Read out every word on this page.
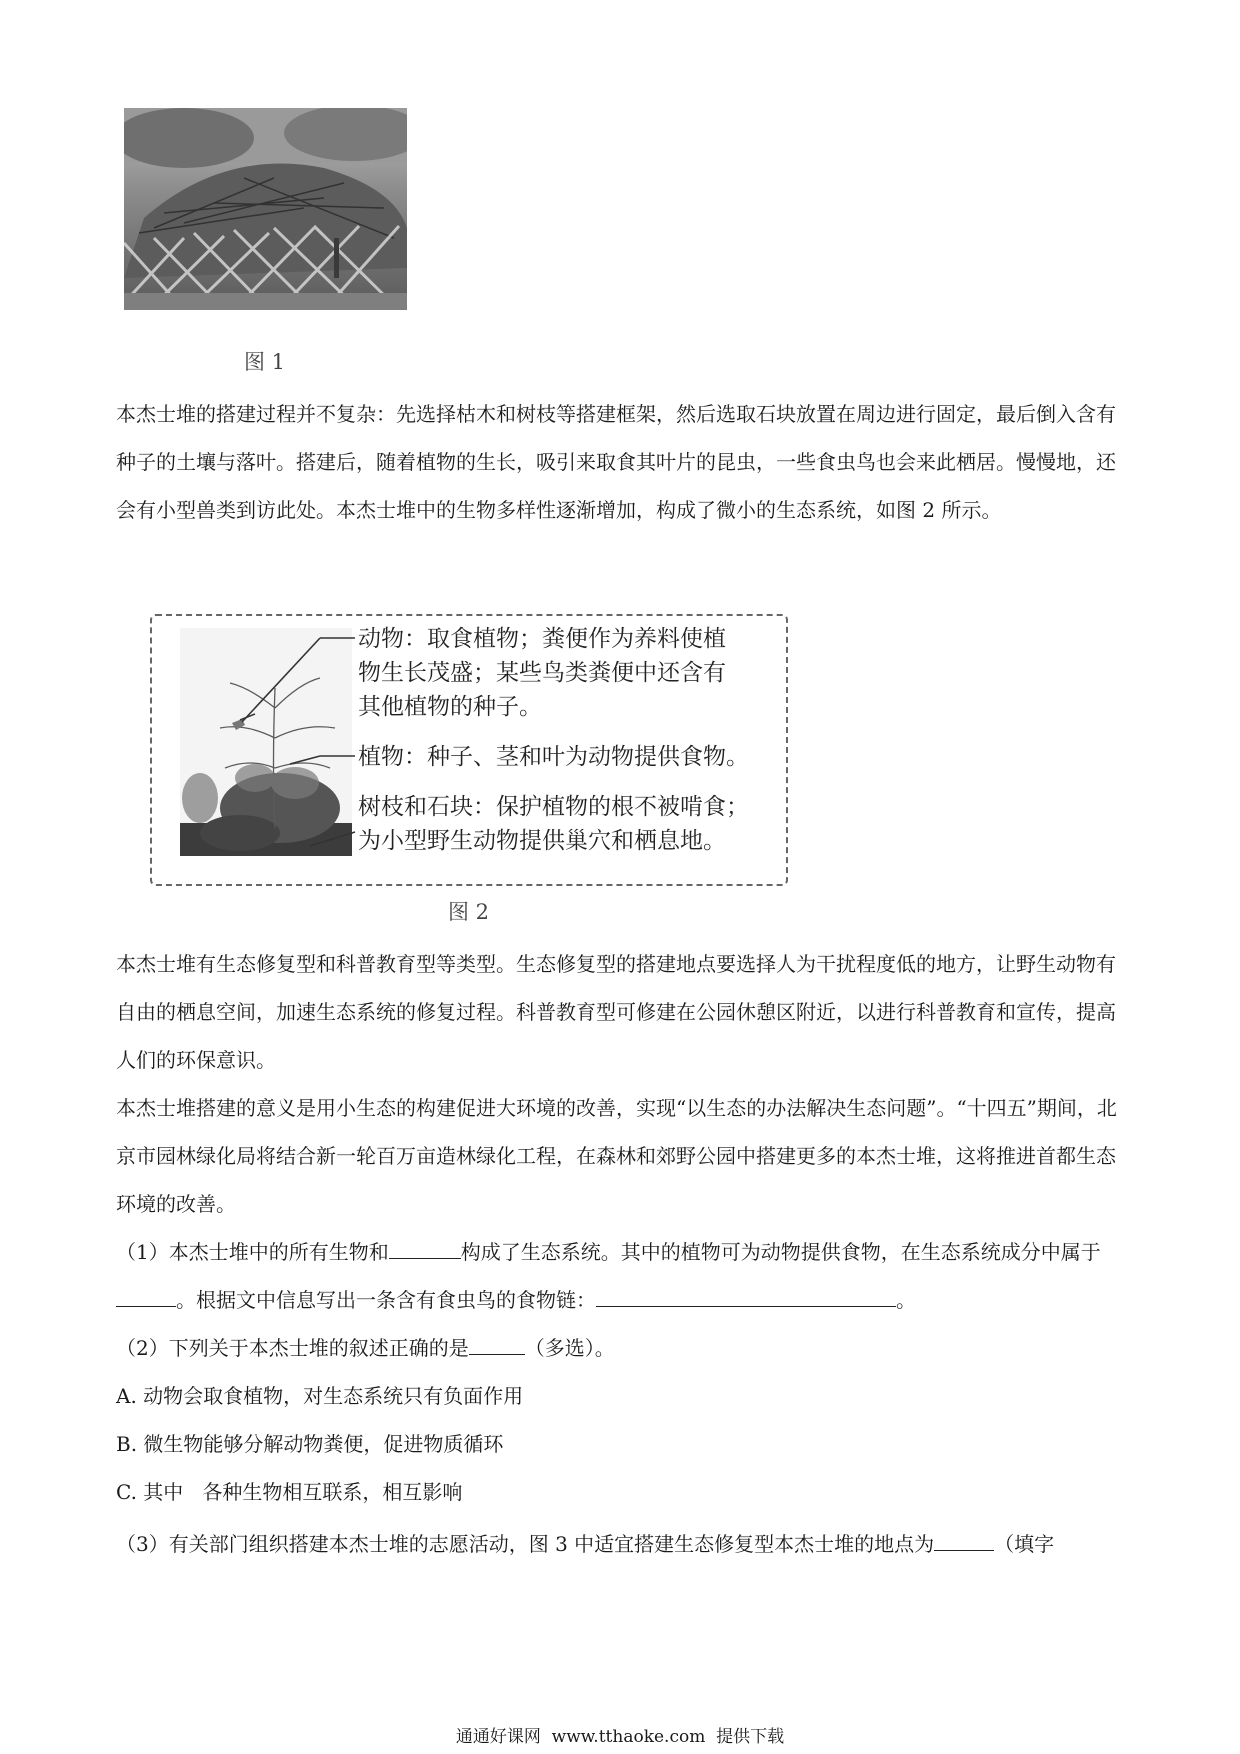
图 1

本杰士堆的搭建过程并不复杂：先选择枯木和树枝等搭建框架，然后选取石块放置在周边进行固定，最后倒入含有种子的土壤与落叶。搭建后，随着植物的生长，吸引来取食其叶片的昆虫，一些食虫鸟也会来此栖居。慢慢地，还会有小型兽类到访此处。本杰士堆中的生物多样性逐渐增加，构成了微小的生态系统，如图 2 所示。

动物：取食植物；粪便作为养料使植
物生长茂盛；某些鸟类粪便中还含有
其他植物的种子。
植物：种子、茎和叶为动物提供食物。
树枝和石块：保护植物的根不被啃食；
为小型野生动物提供巢穴和栖息地。
图 2

本杰士堆有生态修复型和科普教育型等类型。生态修复型的搭建地点要选择人为干扰程度低的地方，让野生动物有自由的栖息空间，加速生态系统的修复过程。科普教育型可修建在公园休憩区附近，以进行科普教育和宣传，提高人们的环保意识。

本杰士堆搭建的意义是用小生态的构建促进大环境的改善，实现“以生态的办法解决生态问题”。“十四五”期间，北京市园林绿化局将结合新一轮百万亩造林绿化工程，在森林和郊野公园中搭建更多的本杰士堆，这将推进首都生态环境的改善。

（1）本杰士堆中的所有生物和	构成了生态系统。其中的植物可为动物提供食物，在生态系统成分中属于。根据文中信息写出一条含有食虫鸟的食物链：	。

（2）下列关于本杰士堆的叙述正确的是	（多选）。

A. 动物会取食植物，对生态系统只有负面作用

B. 微生物能够分解动物粪便，促进物质循环

C. 其中   各种生物相互联系，相互影响

（3）有关部门组织搭建本杰士堆的志愿活动，图 3 中适宜搭建生态修复型本杰士堆的地点为	（填字

通通好课网  www.tthaoke.com  提供下载
